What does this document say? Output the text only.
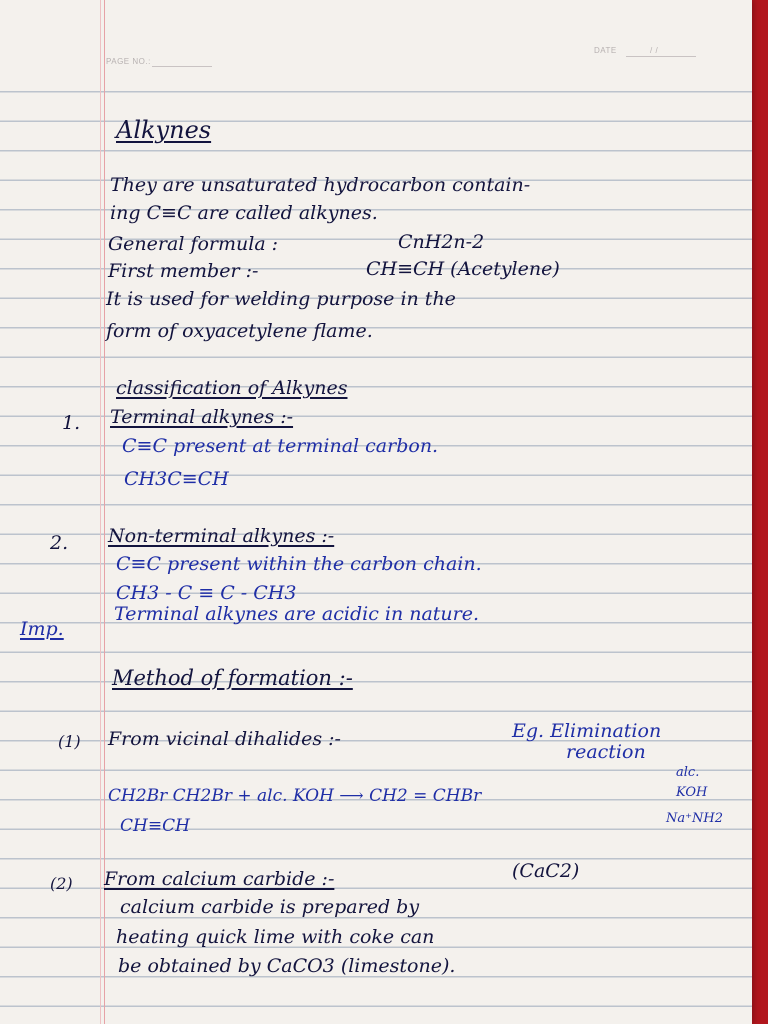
PAGE NO.:
DATE	/ /
Alkynes
They are unsaturated hydrocarbon contain-
ing C≡C are called alkynes.
General formula :	CnH2n-2
First member :-	CH≡CH (Acetylene)
It is used for welding purpose in the
form of oxyacetylene flame.
classification of Alkynes
1. Terminal alkynes :-
C≡C present at terminal carbon.
CH3C≡CH
2. Non-terminal alkynes :-
C≡C present within the carbon chain.
CH3 - C ≡ C - CH3
Imp.
Terminal alkynes are acidic in nature.
Method of formation :-
(1) From vicinal dihalides :-	Eg. Elimination
reaction
CH2Br CH2Br + alc. KOH ⟶ CH2 = CHBr
alc.
KOH
Na⁺NH2
CH≡CH
(2) From calcium carbide :-	(CaC2)
calcium carbide is prepared by
heating quick lime with coke can
be obtained by CaCO3 (limestone).
